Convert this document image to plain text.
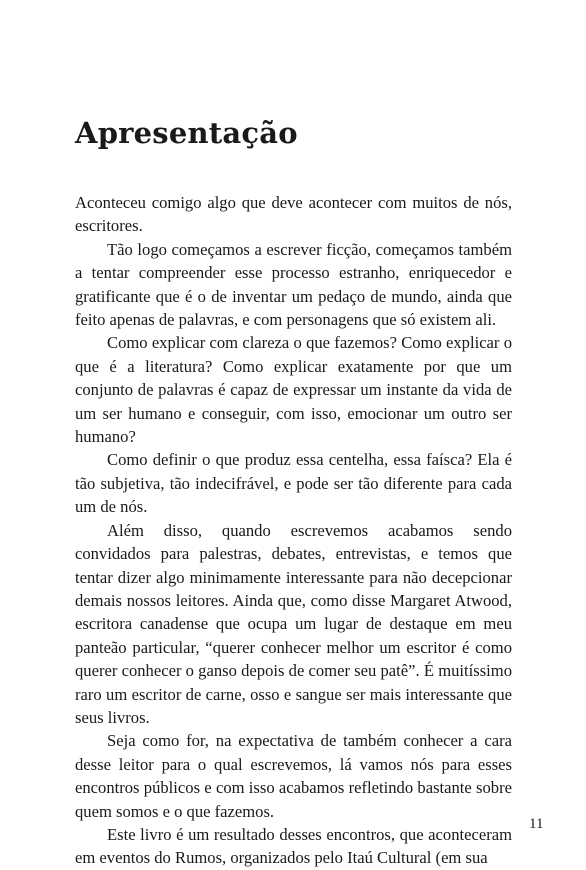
Apresentação

Aconteceu comigo algo que deve acontecer com muitos de nós, escritores.

Tão logo começamos a escrever ficção, começamos também a tentar compreender esse processo estranho, enriquecedor e gratificante que é o de inventar um pedaço de mundo, ainda que feito apenas de palavras, e com personagens que só existem ali.

Como explicar com clareza o que fazemos? Como explicar o que é a literatura? Como explicar exatamente por que um conjunto de palavras é capaz de expressar um instante da vida de um ser humano e conseguir, com isso, emocionar um outro ser humano?

Como definir o que produz essa centelha, essa faísca? Ela é tão subjetiva, tão indecifrável, e pode ser tão diferente para cada um de nós.

Além disso, quando escrevemos acabamos sendo convidados para palestras, debates, entrevistas, e temos que tentar dizer algo minimamente interessante para não decepcionar demais nossos leitores. Ainda que, como disse Margaret Atwood, escritora canadense que ocupa um lugar de destaque em meu panteão particular, “querer conhecer melhor um escritor é como querer conhecer o ganso depois de comer seu patê”. É muitíssimo raro um escritor de carne, osso e sangue ser mais interessante que seus livros.

Seja como for, na expectativa de também conhecer a cara desse leitor para o qual escrevemos, lá vamos nós para esses encontros públicos e com isso acabamos refletindo bastante sobre quem somos e o que fazemos.

Este livro é um resultado desses encontros, que aconteceram em eventos do Rumos, organizados pelo Itaú Cultural (em sua

11
